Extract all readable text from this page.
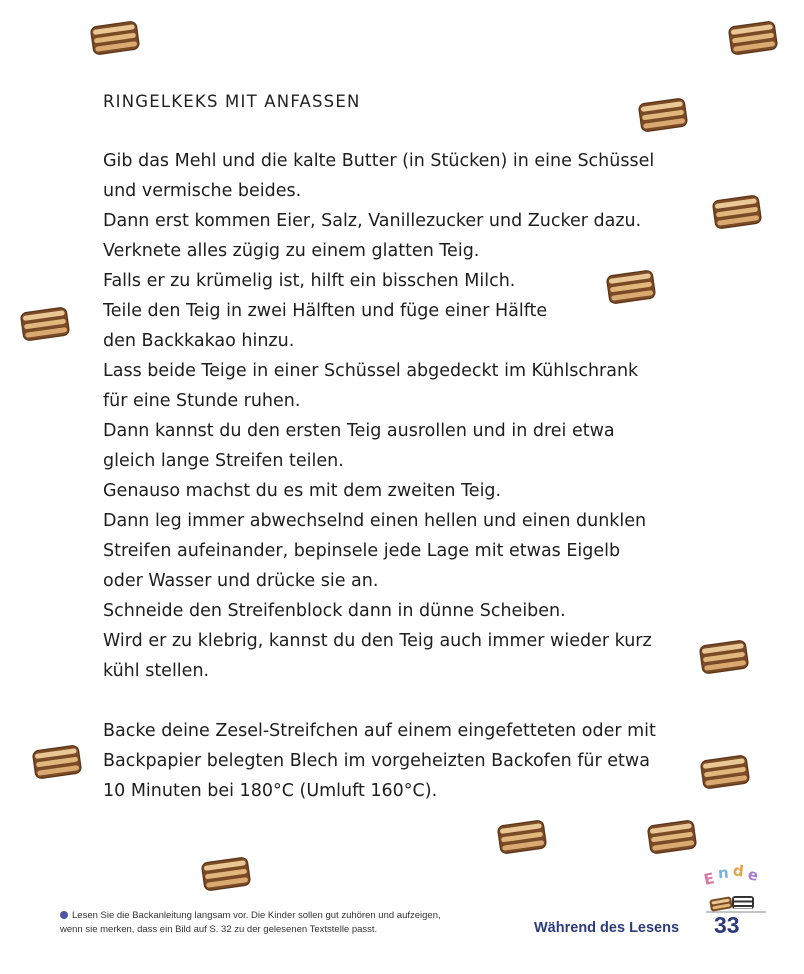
RINGELKEKS MIT ANFASSEN

Gib das Mehl und die kalte Butter (in Stücken) in eine Schüssel

und vermische beides.

Dann erst kommen Eier, Salz, Vanillezucker und Zucker dazu.

Verknete alles zügig zu einem glatten Teig.

Falls er zu krümelig ist, hilft ein bisschen Milch.

Teile den Teig in zwei Hälften und füge einer Hälfte

den Backkakao hinzu.

Lass beide Teige in einer Schüssel abgedeckt im Kühlschrank

für eine Stunde ruhen.

Dann kannst du den ersten Teig ausrollen und in drei etwa

gleich lange Streifen teilen.

Genauso machst du es mit dem zweiten Teig.

Dann leg immer abwechselnd einen hellen und einen dunklen

Streifen aufeinander, bepinsele jede Lage mit etwas Eigelb

oder Wasser und drücke sie an.

Schneide den Streifenblock dann in dünne Scheiben.

Wird er zu klebrig, kannst du den Teig auch immer wieder kurz

kühl stellen.

Backe deine Zesel-Streifchen auf einem eingefetteten oder mit

Backpapier belegten Blech im vorgeheizten Backofen für etwa

10 Minuten bei 180°C (Umluft 160°C).

E n d e
Lesen Sie die Backanleitung langsam vor. Die Kinder sollen gut zuhören und aufzeigen,
wenn sie merken, dass ein Bild auf S. 32 zu der gelesenen Textstelle passt.	Während des Lesens 33
